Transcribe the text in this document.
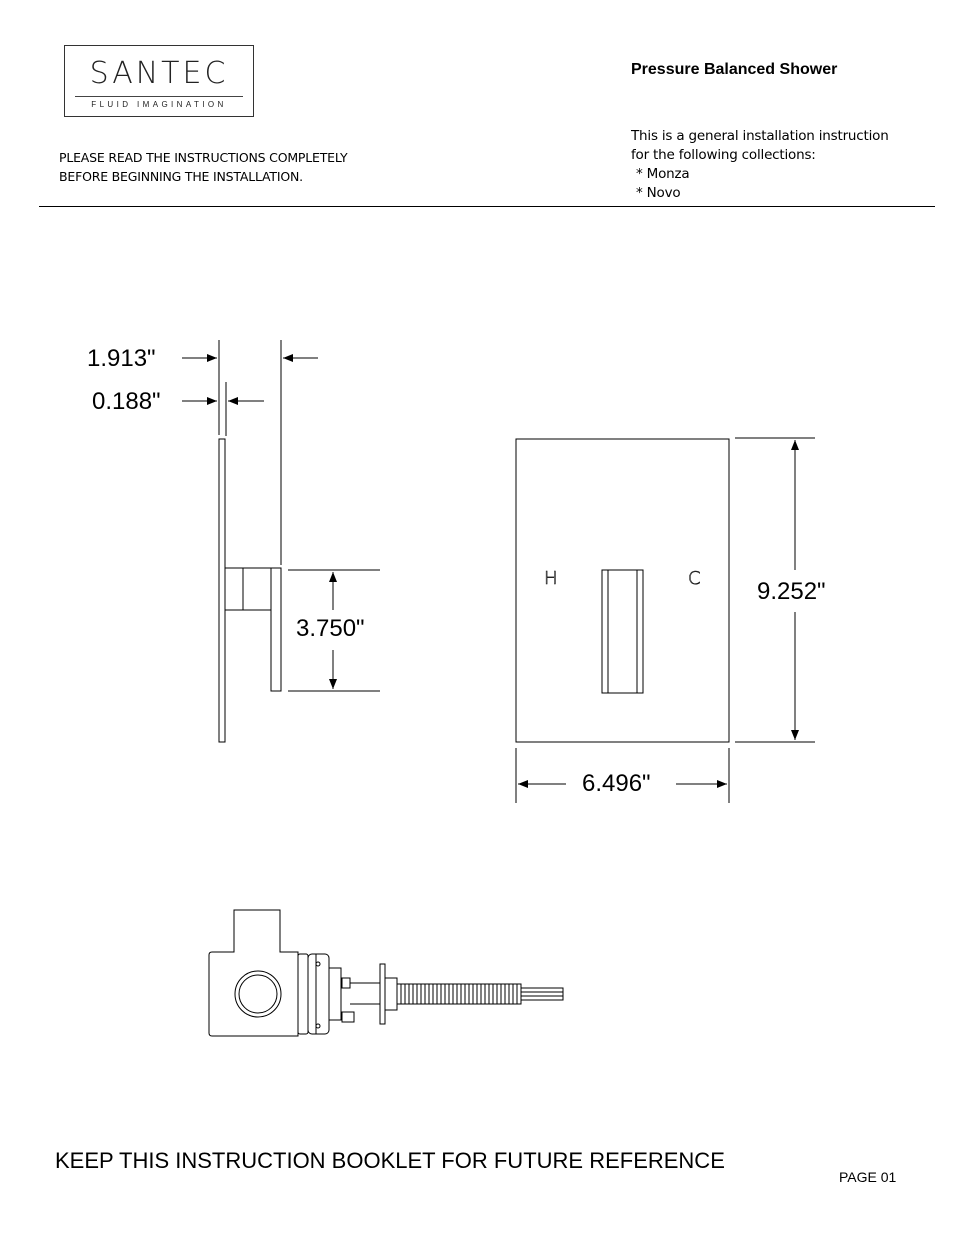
SANTEC
FLUID IMAGINATION
Pressure Balanced Shower
PLEASE READ THE INSTRUCTIONS COMPLETELY
BEFORE BEGINNING THE INSTALLATION.
This is a general installation instruction
for the following collections:
* Monza
* Novo
H	C
1.913"
0.188"
3.750"
9.252"
6.496"
KEEP THIS INSTRUCTION BOOKLET FOR FUTURE REFERENCE
PAGE 01
